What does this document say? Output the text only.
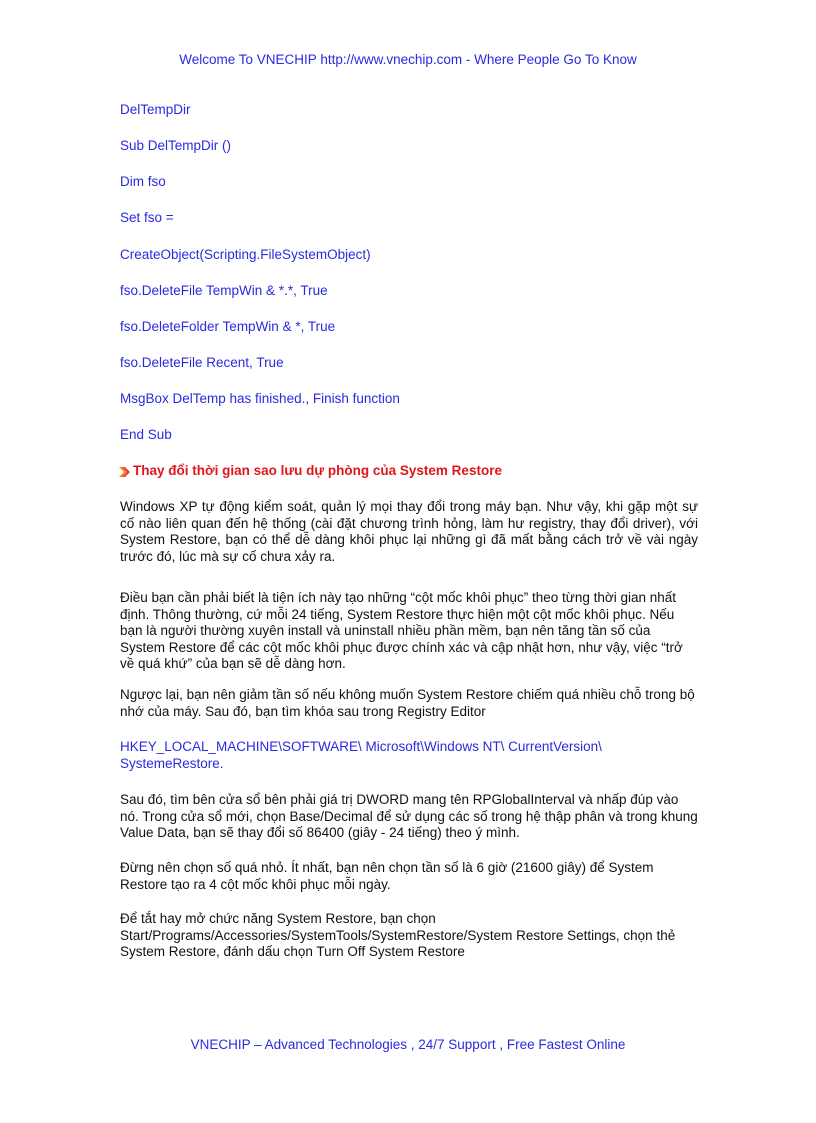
Welcome To VNECHIP http://www.vnechip.com - Where People Go To Know
DelTempDir
Sub DelTempDir ()
Dim fso
Set fso =
CreateObject(Scripting.FileSystemObject)
fso.DeleteFile TempWin & *.*, True
fso.DeleteFolder TempWin & *, True
fso.DeleteFile Recent, True
MsgBox DelTemp has finished., Finish function
End Sub
Thay đổi thời gian sao lưu dự phòng của System Restore
Windows XP tự động kiểm soát, quản lý mọi thay đổi trong máy bạn. Như vậy, khi gặp một sự cố nào liên quan đến hệ thống (cài đặt chương trình hỏng, làm hư registry, thay đổi driver), với System Restore, bạn có thể dễ dàng khôi phục lại những gì đã mất bằng cách trở về vài ngày trước đó, lúc mà sự cố chưa xảy ra.
Điều bạn cần phải biết là tiện ích này tạo những “cột mốc khôi phục” theo từng thời gian nhất định. Thông thường, cứ mỗi 24 tiếng, System Restore thực hiện một cột mốc khôi phục. Nếu bạn là người thường xuyên install và uninstall nhiều phần mềm, bạn nên tăng tần số của System Restore để các cột mốc khôi phục được chính xác và cập nhật hơn, như vậy, việc “trở về quá khứ” của bạn sẽ dễ dàng hơn.
Ngược lại, bạn nên giảm tần số nếu không muốn System Restore chiếm quá nhiều chỗ trong bộ nhớ của máy. Sau đó, bạn tìm khóa sau trong Registry Editor
HKEY_LOCAL_MACHINE\SOFTWARE\ Microsoft\Windows NT\ CurrentVersion\
SystemeRestore.
Sau đó, tìm bên cửa sổ bên phải giá trị DWORD mang tên RPGlobalInterval và nhấp đúp vào nó. Trong cửa sổ mới, chọn Base/Decimal để sử dụng các số trong hệ thập phân và trong khung Value Data, bạn sẽ thay đổi số 86400 (giây - 24 tiếng) theo ý mình.
Đừng nên chọn số quá nhỏ. Ít nhất, bạn nên chọn tần số là 6 giờ (21600 giây) để System Restore tạo ra 4 cột mốc khôi phục mỗi ngày.
Để tắt hay mở chức năng System Restore, bạn chọn
Start/Programs/Accessories/SystemTools/SystemRestore/System Restore Settings, chọn thẻ System Restore, đánh dấu chọn Turn Off System Restore
VNECHIP – Advanced Technologies , 24/7 Support , Free Fastest Online
